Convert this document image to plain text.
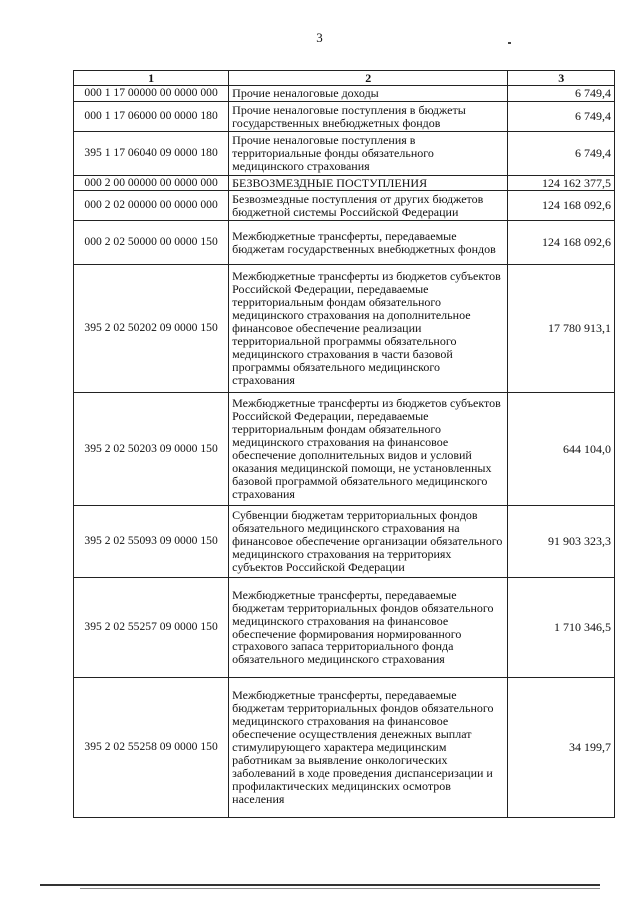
3
1	2	3
000 1 17 00000 00 0000 000	Прочие неналоговые доходы	6 749,4
000 1 17 06000 00 0000 180	Прочие неналоговые поступления в бюджеты государственных внебюджетных фондов	6 749,4
395 1 17 06040 09 0000 180	Прочие неналоговые поступления в территориальные фонды обязательного медицинского страхования	6 749,4
000 2 00 00000 00 0000 000	БЕЗВОЗМЕЗДНЫЕ ПОСТУПЛЕНИЯ	124 162 377,5
000 2 02 00000 00 0000 000	Безвозмездные поступления от других бюджетов бюджетной системы Российской Федерации	124 168 092,6
000 2 02 50000 00 0000 150	Межбюджетные трансферты, передаваемые бюджетам государственных внебюджетных фондов	124 168 092,6
395 2 02 50202 09 0000 150	Межбюджетные трансферты из бюджетов субъектов Российской Федерации, передаваемые территориальным фондам обязательного медицинского страхования на дополнительное финансовое обеспечение реализации территориальной программы обязательного медицинского страхования в части базовой программы обязательного медицинского страхования	17 780 913,1
395 2 02 50203 09 0000 150	Межбюджетные трансферты из бюджетов субъектов Российской Федерации, передаваемые территориальным фондам обязательного медицинского страхования на финансовое обеспечение дополнительных видов и условий оказания медицинской помощи, не установленных базовой программой обязательного медицинского страхования	644 104,0
395 2 02 55093 09 0000 150	Субвенции бюджетам территориальных фондов обязательного медицинского страхования на финансовое обеспечение организации обязательного медицинского страхования на территориях субъектов Российской Федерации	91 903 323,3
395 2 02 55257 09 0000 150	Межбюджетные трансферты, передаваемые бюджетам территориальных фондов обязательного медицинского страхования на финансовое обеспечение формирования нормированного страхового запаса территориального фонда обязательного медицинского страхования	1 710 346,5
395 2 02 55258 09 0000 150	Межбюджетные трансферты, передаваемые бюджетам территориальных фондов обязательного медицинского страхования на финансовое обеспечение осуществления денежных выплат стимулирующего характера медицинским работникам за выявление онкологических заболеваний в ходе проведения диспансеризации и профилактических медицинских осмотров населения	34 199,7
